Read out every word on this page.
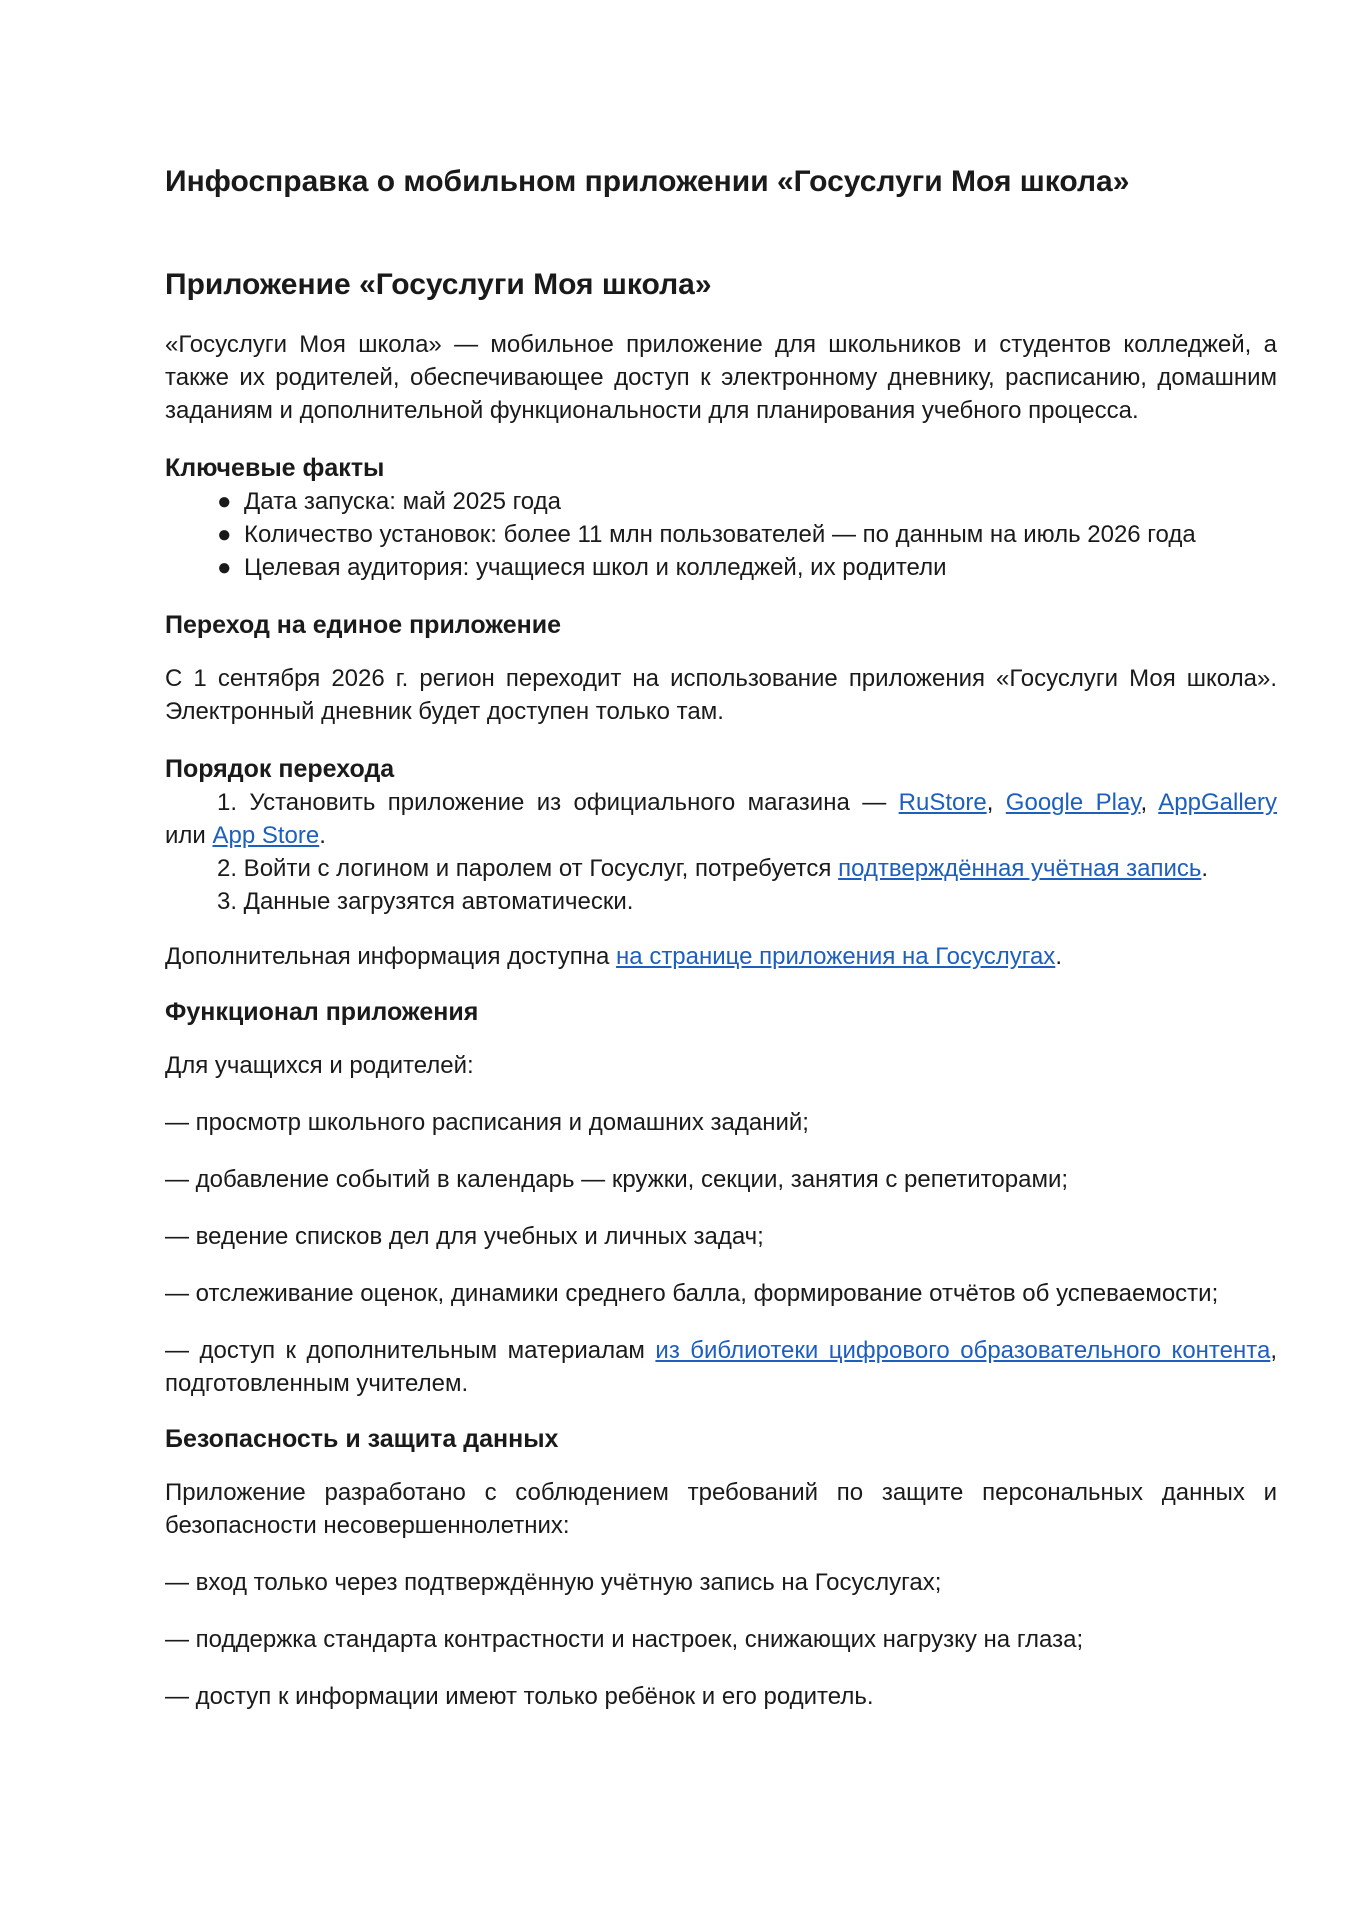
Инфосправка о мобильном приложении «Госуслуги Моя школа»
Приложение «Госуслуги Моя школа»

«Госуслуги Моя школа» — мобильное приложение для школьников и студентов колледжей, а также их родителей, обеспечивающее доступ к электронному дневнику, расписанию, домашним заданиям и дополнительной функциональности для планирования учебного процесса.

Ключевые факты
● Дата запуска: май 2025 года
● Количество установок: более 11 млн пользователей — по данным на июль 2026 года
● Целевая аудитория: учащиеся школ и колледжей, их родители
Переход на единое приложение

С 1 сентября 2026 г. регион переходит на использование приложения «Госуслуги Моя школа». Электронный дневник будет доступен только там.

Порядок перехода
1. Установить приложение из официального магазина — RuStore, Google Play, AppGallery
или App Store.
2. Войти с логином и паролем от Госуслуг, потребуется подтверждённая учётная запись.
3. Данные загрузятся автоматически.

Дополнительная информация доступна на странице приложения на Госуслугах.

Функционал приложения

Для учащихся и родителей:

— просмотр школьного расписания и домашних заданий;

— добавление событий в календарь — кружки, секции, занятия с репетиторами;

— ведение списков дел для учебных и личных задач;

— отслеживание оценок, динамики среднего балла, формирование отчётов об успеваемости;

— доступ к дополнительным материалам из библиотеки цифрового образовательного контента, подготовленным учителем.

Безопасность и защита данных

Приложение разработано с соблюдением требований по защите персональных данных и безопасности несовершеннолетних:

— вход только через подтверждённую учётную запись на Госуслугах;

— поддержка стандарта контрастности и настроек, снижающих нагрузку на глаза;

— доступ к информации имеют только ребёнок и его родитель.
